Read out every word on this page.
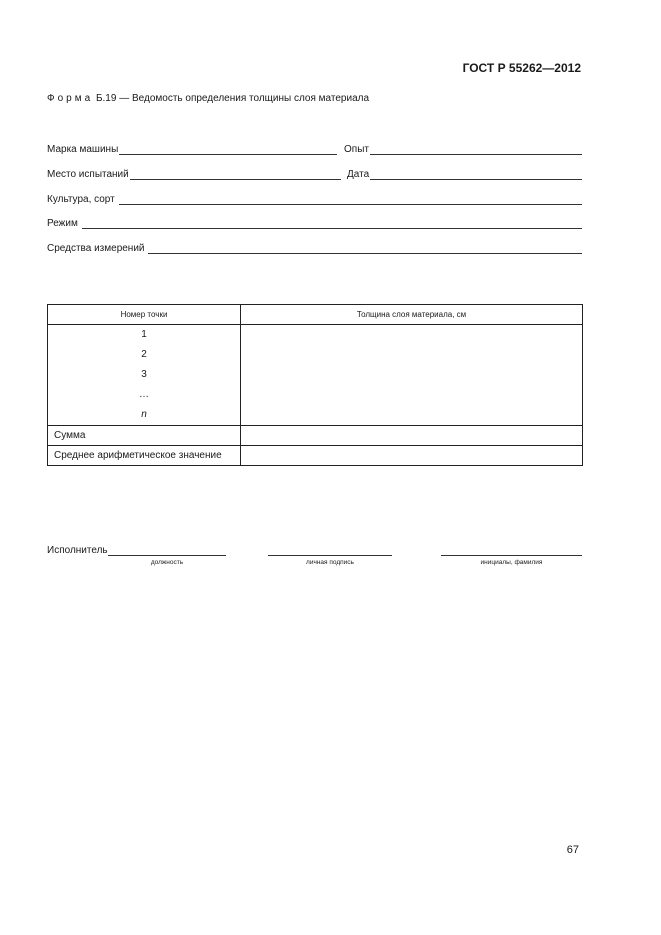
ГОСТ Р 55262—2012
Форма Б.19 — Ведомость определения толщины слоя материала
Марка машины	Опыт
Место испытаний	Дата
Культура, сорт
Режим
Средства измерений
Номер точки	Толщина слоя материала, см

1
2
3
…
n	

Сумма	
Среднее арифметическое значение	
Исполнитель
должность	личная подпись	инициалы, фамилия
67
